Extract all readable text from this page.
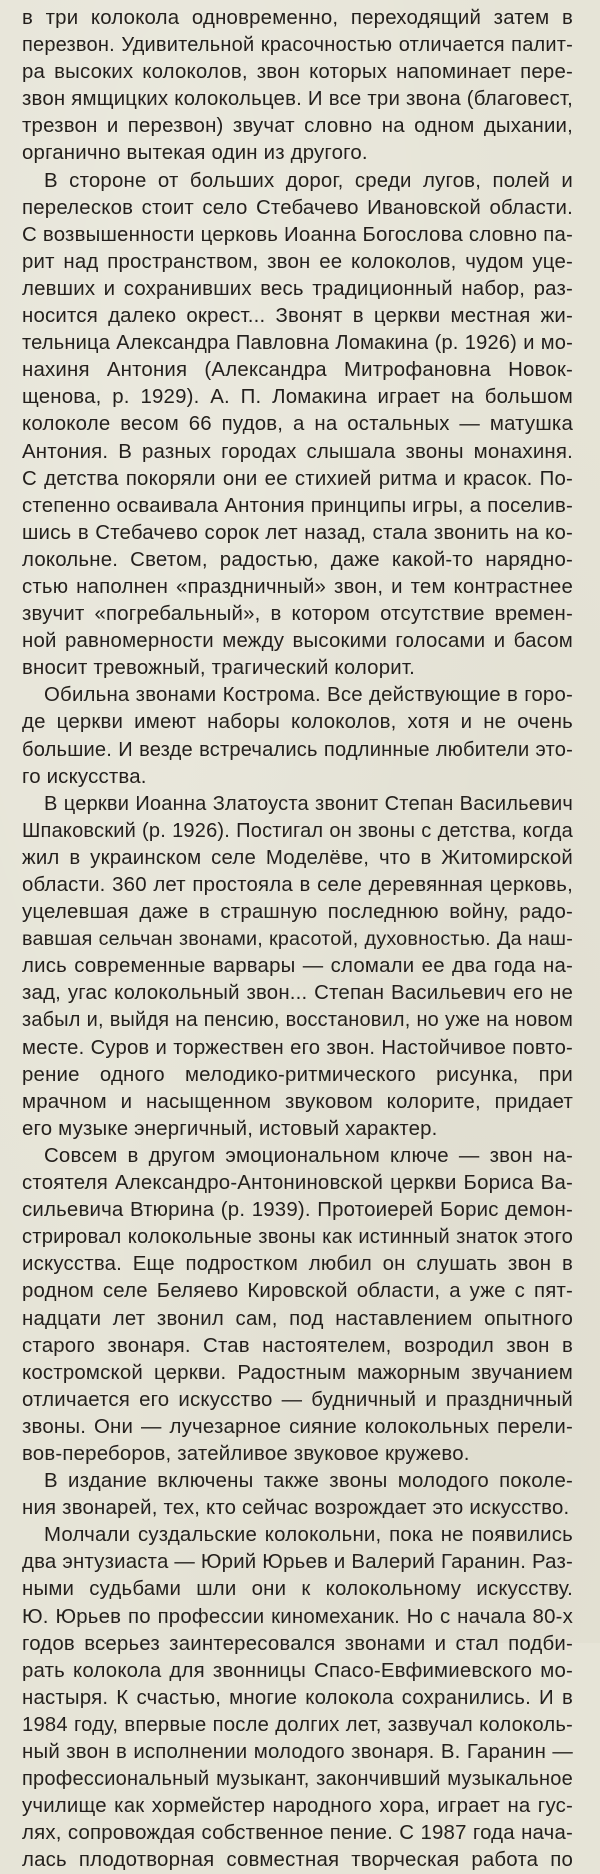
в три колокола одновременно, переходящий затем в
перезвон. Удивительной красочностью отличается палит-
ра высоких колоколов, звон которых напоминает пере-
звон ямщицких колокольцев. И все три звона (благовест,
трезвон и перезвон) звучат словно на одном дыхании,
органично вытекая один из другого.
В стороне от больших дорог, среди лугов, полей и
перелесков стоит село Стебачево Ивановской области.
С возвышенности церковь Иоанна Богослова словно па-
рит над пространством, звон ее колоколов, чудом уце-
левших и сохранивших весь традиционный набор, раз-
носится далеко окрест... Звонят в церкви местная жи-
тельница Александра Павловна Ломакина (р. 1926) и мо-
нахиня Антония (Александра Митрофановна Новок-
щенова, р. 1929). А. П. Ломакина играет на большом
колоколе весом 66 пудов, а на остальных — матушка
Антония. В разных городах слышала звоны монахиня.
С детства покоряли они ее стихией ритма и красок. По-
степенно осваивала Антония принципы игры, а поселив-
шись в Стебачево сорок лет назад, стала звонить на ко-
локольне. Светом, радостью, даже какой-то наряднo-
стью наполнен «праздничный» звон, и тем контрастнее
звучит «погребальный», в котором отсутствие времен-
ной равномерности между высокими голосами и басом
вносит тревожный, трагический колорит.
Обильна звонами Кострома. Все действующие в горо-
де церкви имеют наборы колоколов, хотя и не очень
большие. И везде встречались подлинные любители это-
го искусства.
В церкви Иоанна Златоуста звонит Степан Васильевич
Шпаковский (р. 1926). Постигал он звоны с детства, когда
жил в украинском селе Моделёве, что в Житомирской
области. 360 лет простояла в селе деревянная церковь,
уцелевшая даже в страшную последнюю войну, радо-
вавшая сельчан звонами, красотой, духовностью. Да наш-
лись современные варвары — сломали ее два года на-
зад, угас колокольный звон... Степан Васильевич его не
забыл и, выйдя на пенсию, восстановил, но уже на новом
месте. Суров и торжествен его звон. Настойчивое повто-
рение одного мелодико-ритмического рисунка, при
мрачном и насыщенном звуковом колорите, придает
его музыке энергичный, истовый характер.
Совсем в другом эмоциональном ключе — звон на-
стоятеля Александро-Антониновской церкви Бориса Ва-
сильевича Втюрина (р. 1939). Протоиерей Борис демон-
стрировал колокольные звоны как истинный знаток этого
искусства. Еще подростком любил он слушать звон в
родном селе Беляево Кировской области, а уже с пят-
надцати лет звонил сам, под наставлением опытного
старого звонаря. Став настоятелем, возродил звон в
костромской церкви. Радостным мажорным звучанием
отличается его искусство — будничный и праздничный
звоны. Они — лучезарное сияние колокольных перели-
вов-переборов, затейливое звуковое кружево.
В издание включены также звоны молодого поколе-
ния звонарей, тех, кто сейчас возрождает это искусство.
Молчали суздальские колокольни, пока не появились
два энтузиаста — Юрий Юрьев и Валерий Гаранин. Раз-
ными судьбами шли они к колокольному искусству.
Ю. Юрьев по профессии киномеханик. Но с начала 80-х
годов всерьез заинтересовался звонами и стал подби-
рать колокола для звонницы Спасо-Евфимиевского мо-
настыря. К счастью, многие колокола сохранились. И в
1984 году, впервые после долгих лет, зазвучал колоколь-
ный звон в исполнении молодого звонаря. В. Гаранин —
профессиональный музыкант, закончивший музыкальное
училище как хормейстер народного хора, играет на гус-
лях, сопровождая собственное пение. С 1987 года нача-
лась плодотворная совместная творческая работа по
